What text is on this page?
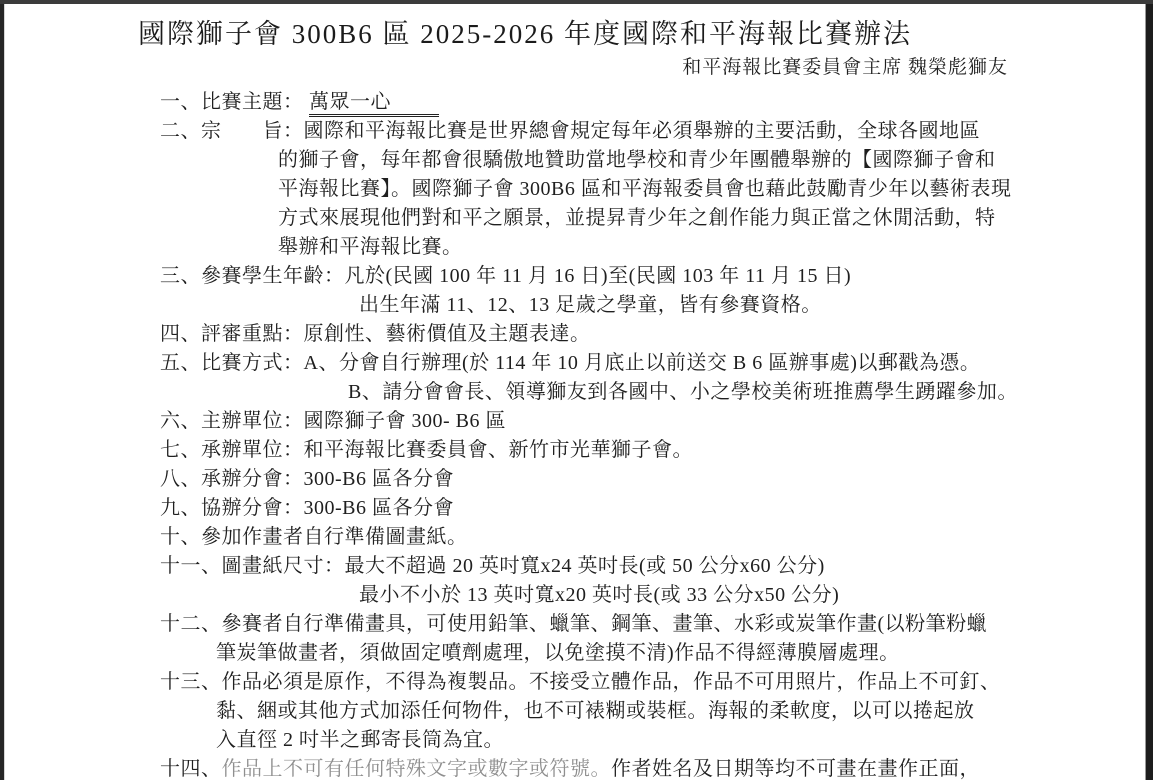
國際獅子會 300B6 區 2025-2026 年度國際和平海報比賽辦法
和平海報比賽委員會主席 魏榮彪獅友
一、比賽主題： 萬眾一心
二、宗　　旨：國際和平海報比賽是世界總會規定每年必須舉辦的主要活動，全球各國地區
的獅子會，每年都會很驕傲地贊助當地學校和青少年團體舉辦的【國際獅子會和
平海報比賽】。國際獅子會 300B6 區和平海報委員會也藉此鼓勵青少年以藝術表現
方式來展現他們對和平之願景，並提昇青少年之創作能力與正當之休閒活動，特
舉辦和平海報比賽。
三、參賽學生年齡：凡於(民國 100 年 11 月 16 日)至(民國 103 年 11 月 15 日)
出生年滿 11、12、13 足歲之學童，皆有參賽資格。
四、評審重點：原創性、藝術價值及主題表達。
五、比賽方式：A、分會自行辦理(於 114 年 10 月底止以前送交 B 6 區辦事處)以郵戳為憑。
B、請分會會長、領導獅友到各國中、小之學校美術班推薦學生踴躍參加。
六、主辦單位：國際獅子會 300- B6 區
七、承辦單位：和平海報比賽委員會、新竹市光華獅子會。
八、承辦分會：300-B6 區各分會
九、協辦分會：300-B6 區各分會
十、參加作畫者自行準備圖畫紙。
十一、圖畫紙尺寸：最大不超過 20 英吋寬x24 英吋長(或 50 公分x60 公分)
最小不小於 13 英吋寬x20 英吋長(或 33 公分x50 公分)
十二、參賽者自行準備畫具，可使用鉛筆、蠟筆、鋼筆、畫筆、水彩或炭筆作畫(以粉筆粉蠟
筆炭筆做畫者，須做固定噴劑處理，以免塗摸不清)作品不得經薄膜層處理。
十三、作品必須是原作，不得為複製品。不接受立體作品，作品不可用照片，作品上不可釘、
黏、綑或其他方式加添任何物件，也不可裱糊或裝框。海報的柔軟度，以可以捲起放
入直徑 2 吋半之郵寄長筒為宜。
十四、作品上不可有任何特殊文字或數字或符號。作者姓名及日期等均不可畫在畫作正面，
